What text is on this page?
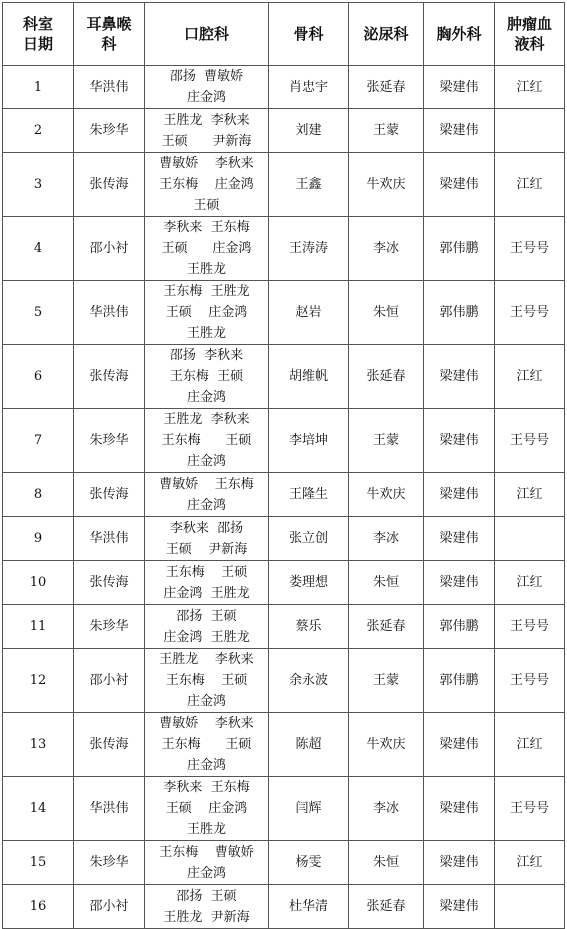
科室
日期	耳鼻喉
科	口腔科	骨科	泌尿科	胸外科	肿瘤血
液科

1	华洪伟	邵扬  曹敏娇
庄金鸿	肖忠宇	张延春	梁建伟	江红
2	朱珍华	王胜龙  李秋来
王硕      尹新海	刘建	王蒙	梁建伟	
3	张传海	曹敏娇    李秋来
王东梅    庄金鸿
王硕	王鑫	牛欢庆	梁建伟	江红
4	邵小衬	李秋来  王东梅
王硕      庄金鸿
王胜龙	王涛涛	李冰	郭伟鹏	王号号
5	华洪伟	王东梅  王胜龙
王硕    庄金鸿
王胜龙	赵岩	朱恒	郭伟鹏	王号号
6	张传海	邵扬  李秋来
王东梅  王硕
庄金鸿	胡维帆	张延春	梁建伟	江红
7	朱珍华	王胜龙  李秋来
王东梅      王硕
庄金鸿	李培坤	王蒙	梁建伟	王号号
8	张传海	曹敏娇    王东梅
庄金鸿	王隆生	牛欢庆	梁建伟	江红
9	华洪伟	李秋来  邵扬
王硕    尹新海	张立创	李冰	梁建伟	
10	张传海	王东梅    王硕
庄金鸿  王胜龙	娄理想	朱恒	梁建伟	江红
11	朱珍华	邵扬  王硕
庄金鸿  王胜龙	蔡乐	张延春	郭伟鹏	王号号
12	邵小衬	王胜龙    李秋来
王东梅    王硕
庄金鸿	余永波	王蒙	郭伟鹏	王号号
13	张传海	曹敏娇    李秋来
王东梅      王硕
庄金鸿	陈超	牛欢庆	梁建伟	江红
14	华洪伟	李秋来  王东梅
王硕    庄金鸿
王胜龙	闫辉	李冰	梁建伟	王号号
15	朱珍华	王东梅    曹敏娇
庄金鸿	杨雯	朱恒	梁建伟	江红
16	邵小衬	邵扬  王硕
王胜龙  尹新海	杜华清	张延春	梁建伟	
